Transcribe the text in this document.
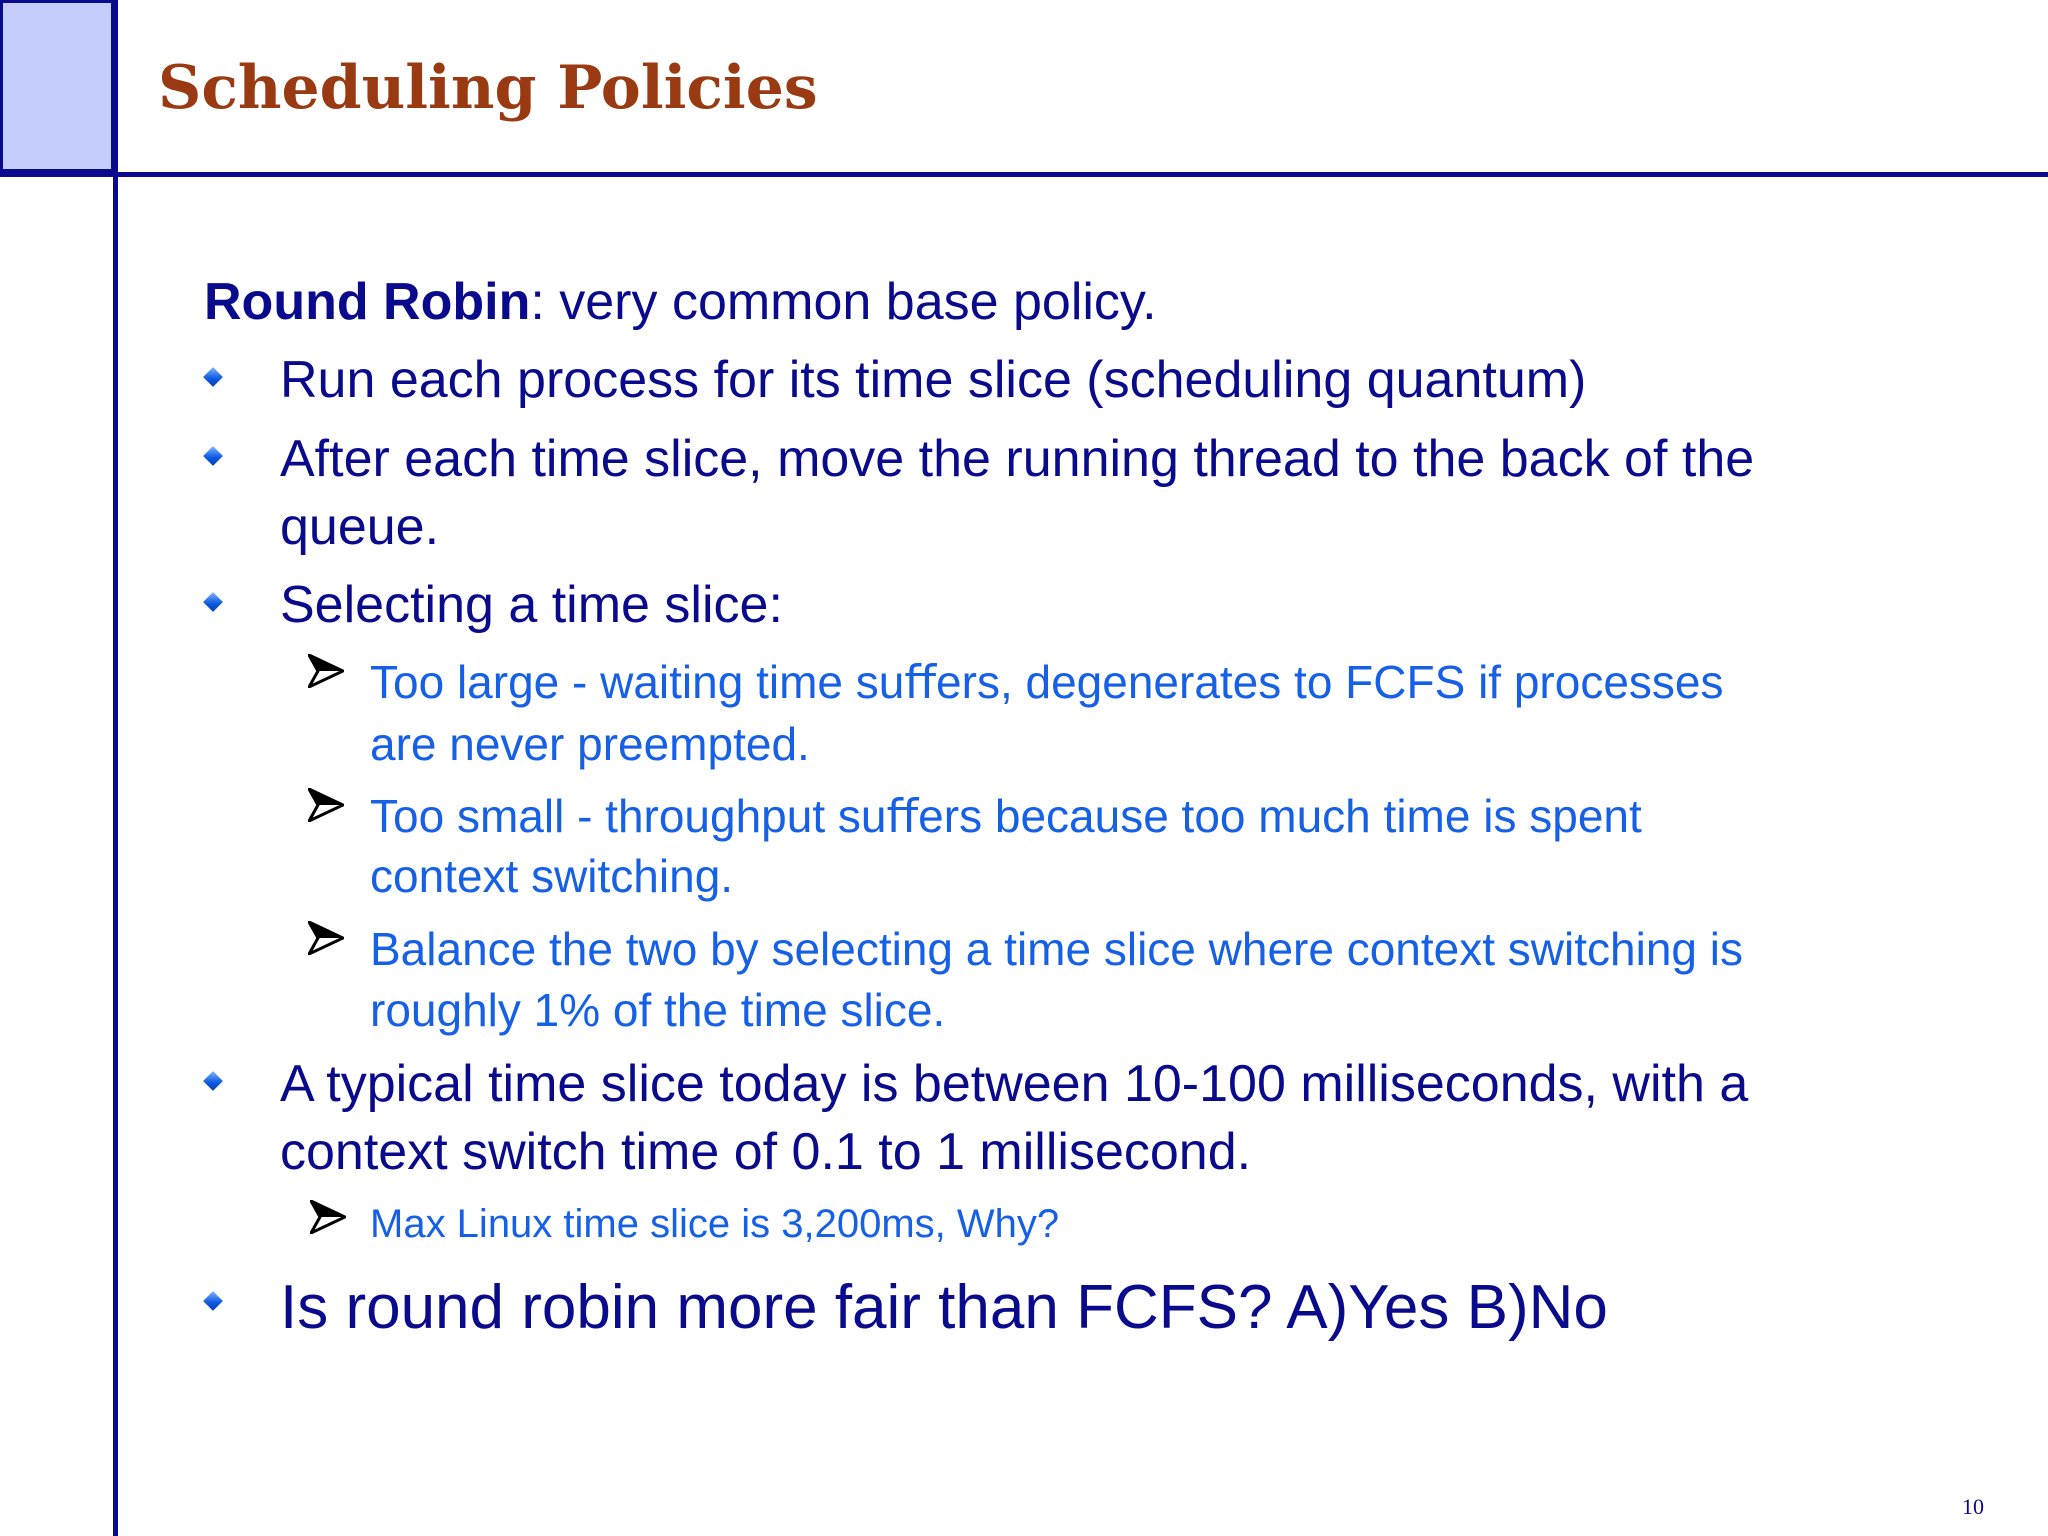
Scheduling Policies
Round Robin: very common base policy.
Run each process for its time slice (scheduling quantum)
After each time slice, move the running thread to the back of the
queue.
Selecting a time slice:
Too large - waiting time suﬀers, degenerates to FCFS if processes
are never preempted.
Too small - throughput suﬀers because too much time is spent
context switching.
Balance the two by selecting a time slice where context switching is
roughly 1% of the time slice.
A typical time slice today is between 10-100 milliseconds, with a
context switch time of 0.1 to 1 millisecond.
Max Linux time slice is 3,200ms, Why?
Is round robin more fair than FCFS? A)Yes B)No
10
